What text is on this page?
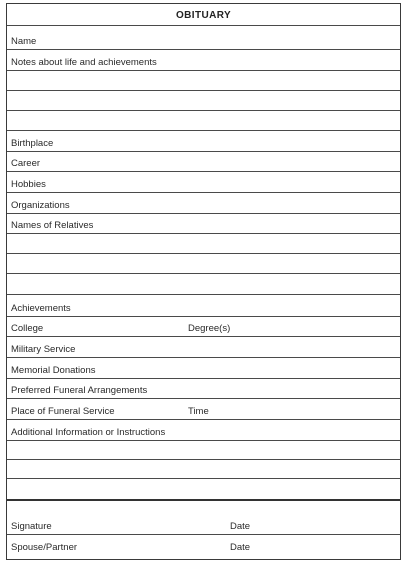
OBITUARY
Name
Notes about life and achievements
Birthplace
Career
Hobbies
Organizations
Names of Relatives
Achievements
College	Degree(s)
Military Service
Memorial Donations
Preferred Funeral Arrangements
Place of Funeral Service	Time
Additional Information or Instructions
Signature	Date
Spouse/Partner	Date
